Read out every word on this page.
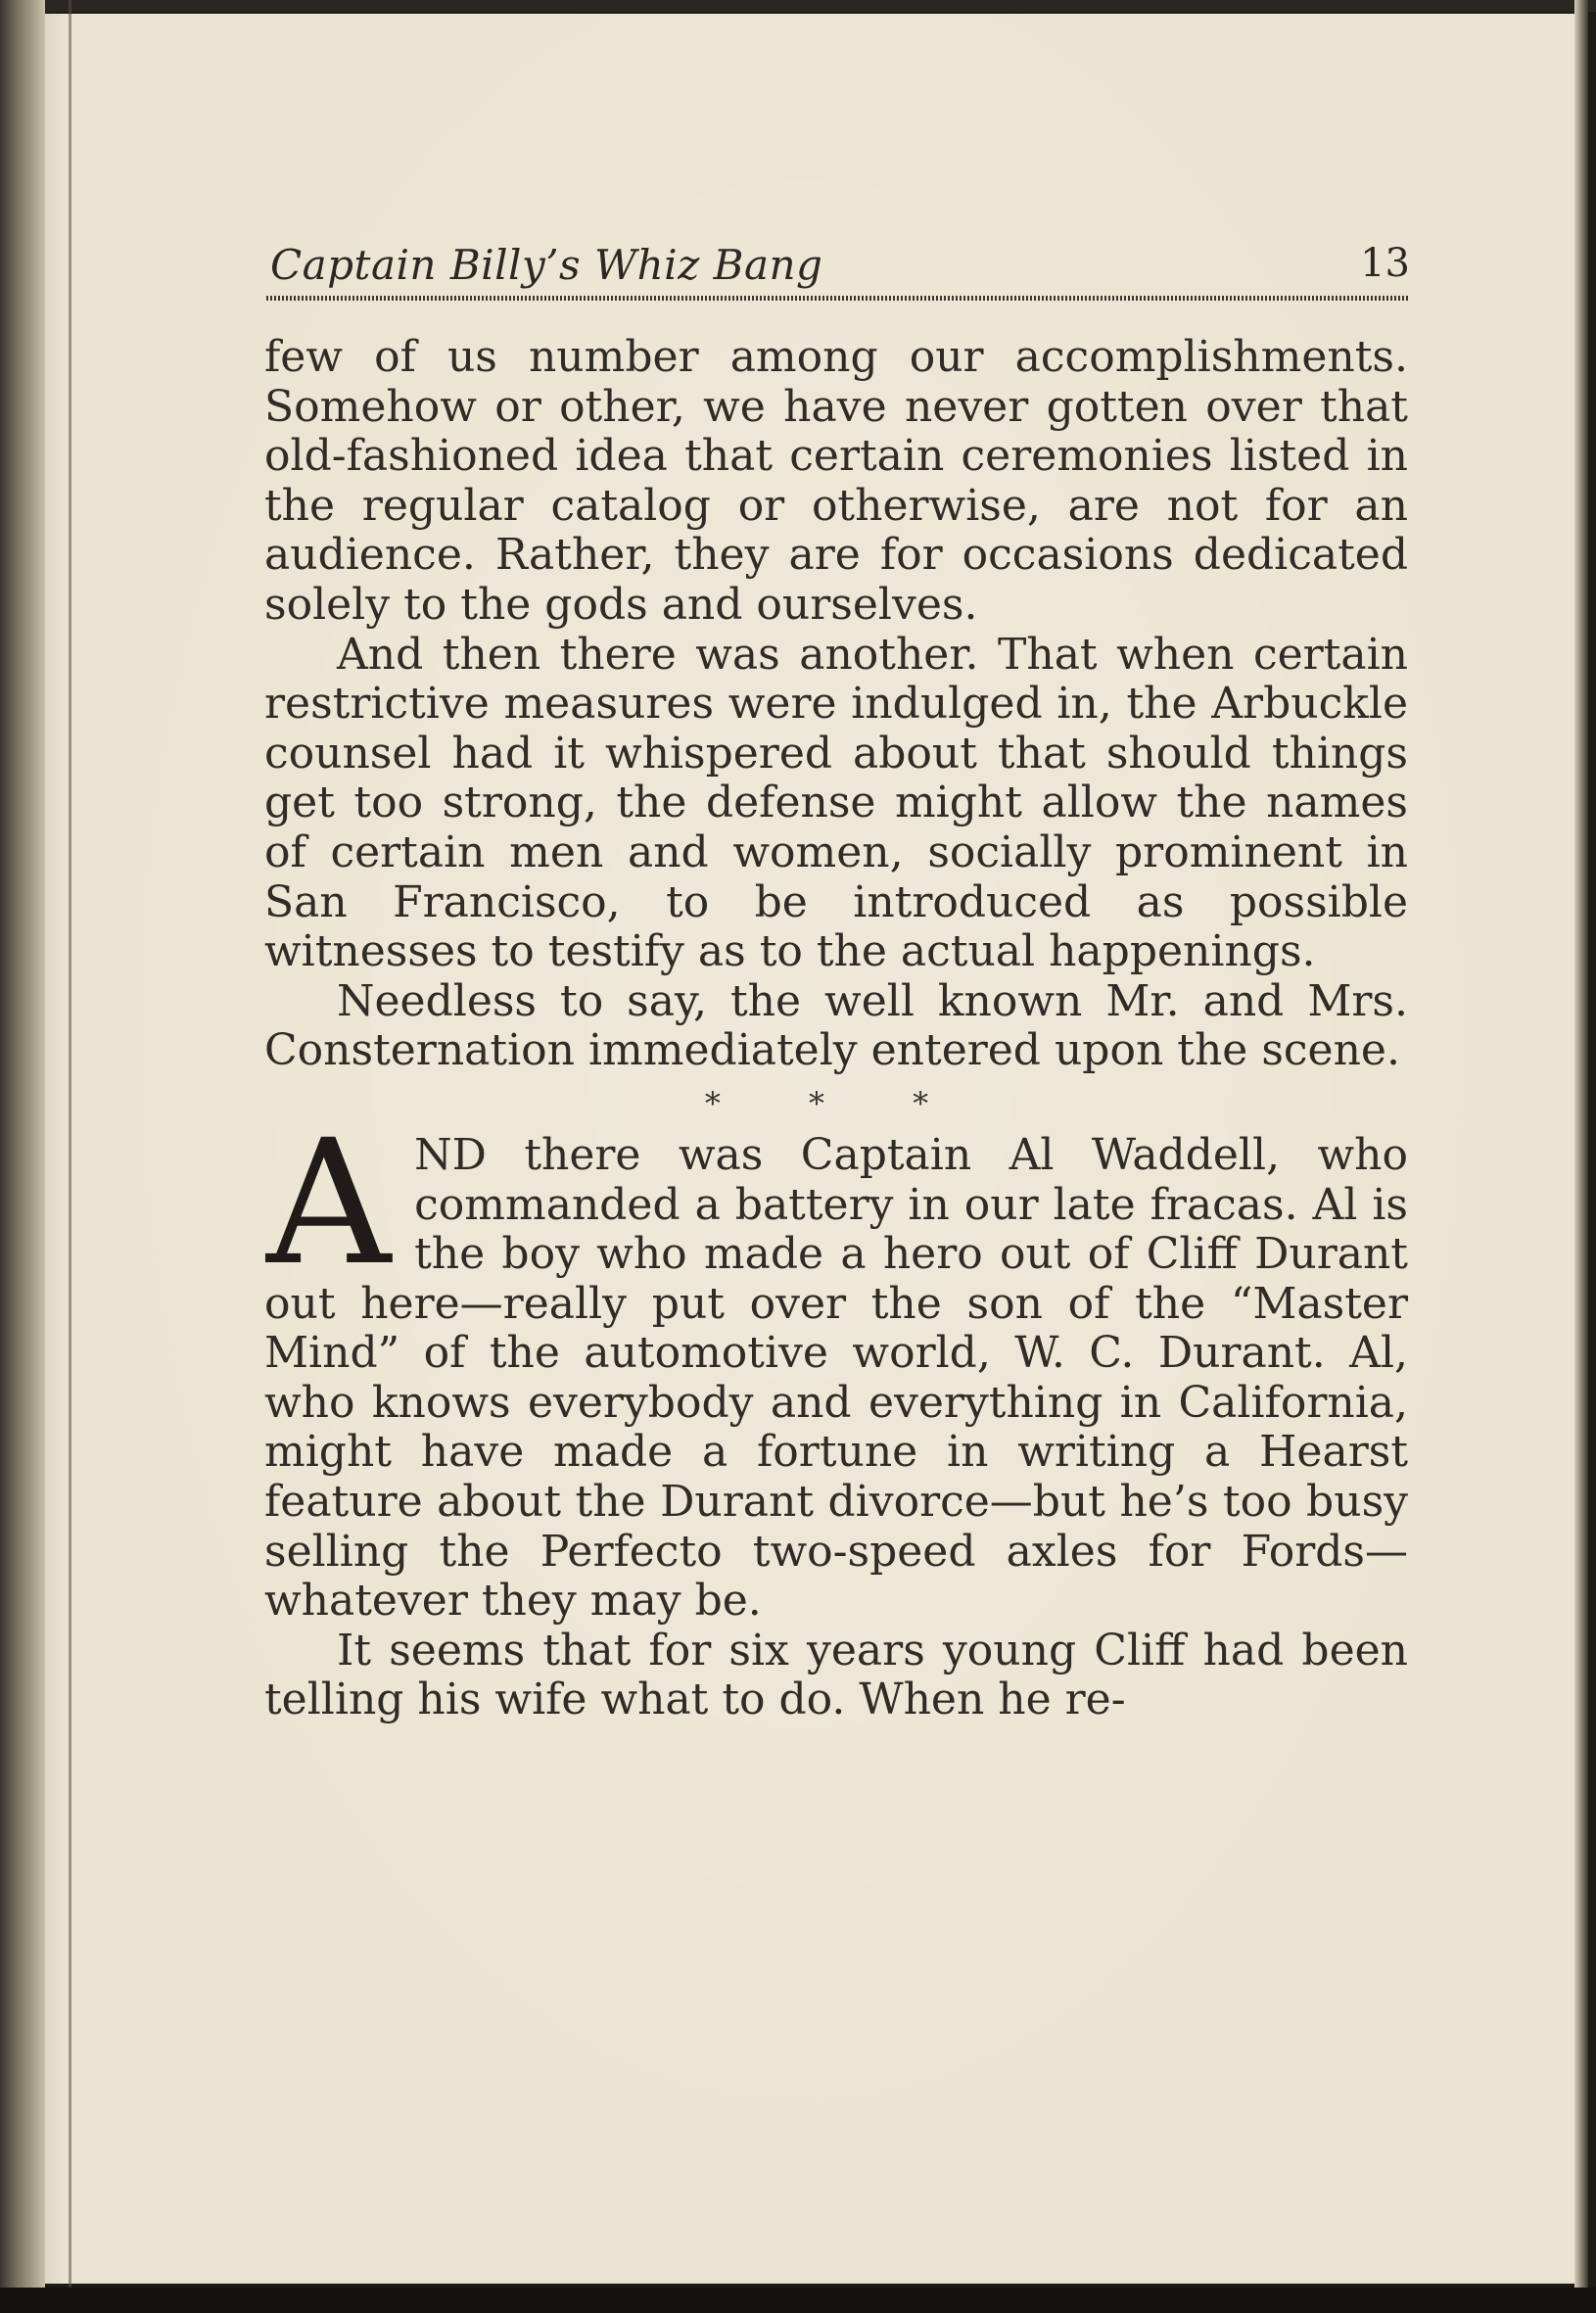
Captain Billy’s Whiz Bang	13

few of us number among our accomplishments. Somehow or other, we have never gotten over that old-fashioned idea that certain ceremonies listed in the regular catalog or otherwise, are not for an audience. Rather, they are for occasions dedicated solely to the gods and ourselves.

And then there was another. That when certain restrictive measures were indulged in, the Arbuckle counsel had it whispered about that should things get too strong, the defense might allow the names of certain men and women, socially prominent in San Francisco, to be introduced as possible witnesses to testify as to the actual happenings.

Needless to say, the well known Mr. and Mrs. Consternation immediately entered upon the scene.

* * *

AND there was Captain Al Waddell, who commanded a battery in our late fracas. Al is the boy who made a hero out of Cliff Durant out here—really put over the son of the “Master Mind” of the automotive world, W. C. Durant. Al, who knows everybody and everything in California, might have made a fortune in writing a Hearst feature about the Durant divorce—but he’s too busy selling the Perfecto two-speed axles for Fords—whatever they may be.

It seems that for six years young Cliff had been telling his wife what to do. When he re-
